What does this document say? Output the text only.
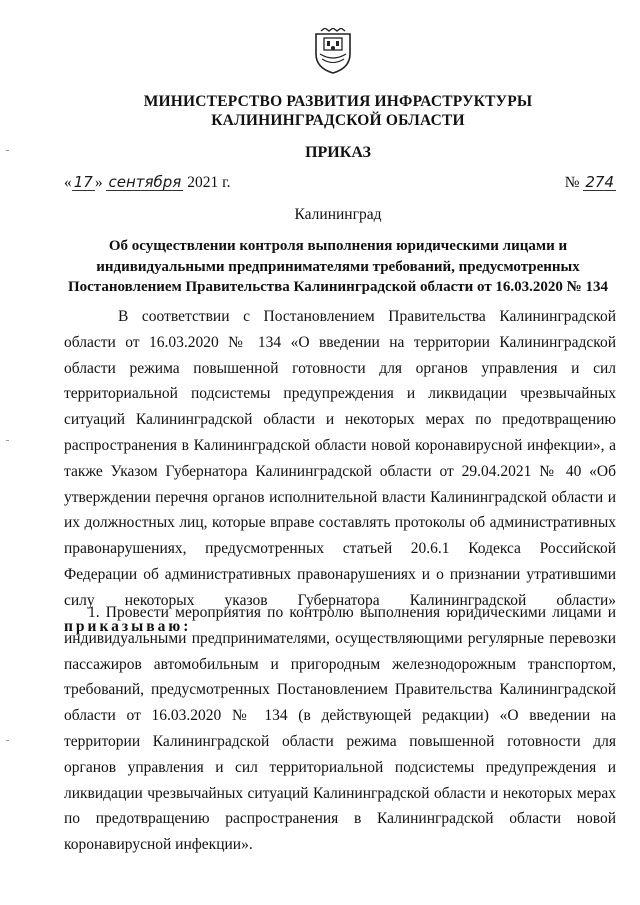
МИНИСТЕРСТВО РАЗВИТИЯ ИНФРАСТРУКТУРЫ
КАЛИНИНГРАДСКОЙ ОБЛАСТИ
ПРИКАЗ
« 17 » сентября 2021 г.	№ 274
Калининград
Об осуществлении контроля выполнения юридическими лицами и
индивидуальными предпринимателями требований, предусмотренных
Постановлением Правительства Калининградской области от 16.03.2020 № 134

В соответствии с Постановлением Правительства Калининградской области от 16.03.2020 № 134 «О введении на территории Калининградской области режима повышенной готовности для органов управления и сил территориальной подсистемы предупреждения и ликвидации чрезвычайных ситуаций Калининградской области и некоторых мерах по предотвращению распространения в Калининградской области новой коронавирусной инфекции», а также Указом Губернатора Калининградской области от 29.04.2021 № 40 «Об утверждении перечня органов исполнительной власти Калининградской области и их должностных лиц, которые вправе составлять протоколы об административных правонарушениях, предусмотренных статьей 20.6.1 Кодекса Российской Федерации об административных правонарушениях и о признании утратившими силу некоторых указов Губернатора Калининградской области» приказываю:

1. Провести мероприятия по контролю выполнения юридическими лицами и индивидуальными предпринимателями, осуществляющими регулярные перевозки пассажиров автомобильным и пригородным железнодорожным транспортом, требований, предусмотренных Постановлением Правительства Калининградской области от 16.03.2020 № 134 (в действующей редакции) «О введении на территории Калининградской области режима повышенной готовности для органов управления и сил территориальной подсистемы предупреждения и ликвидации чрезвычайных ситуаций Калининградской области и некоторых мерах по предотвращению распространения в Калининградской области новой коронавирусной инфекции».
